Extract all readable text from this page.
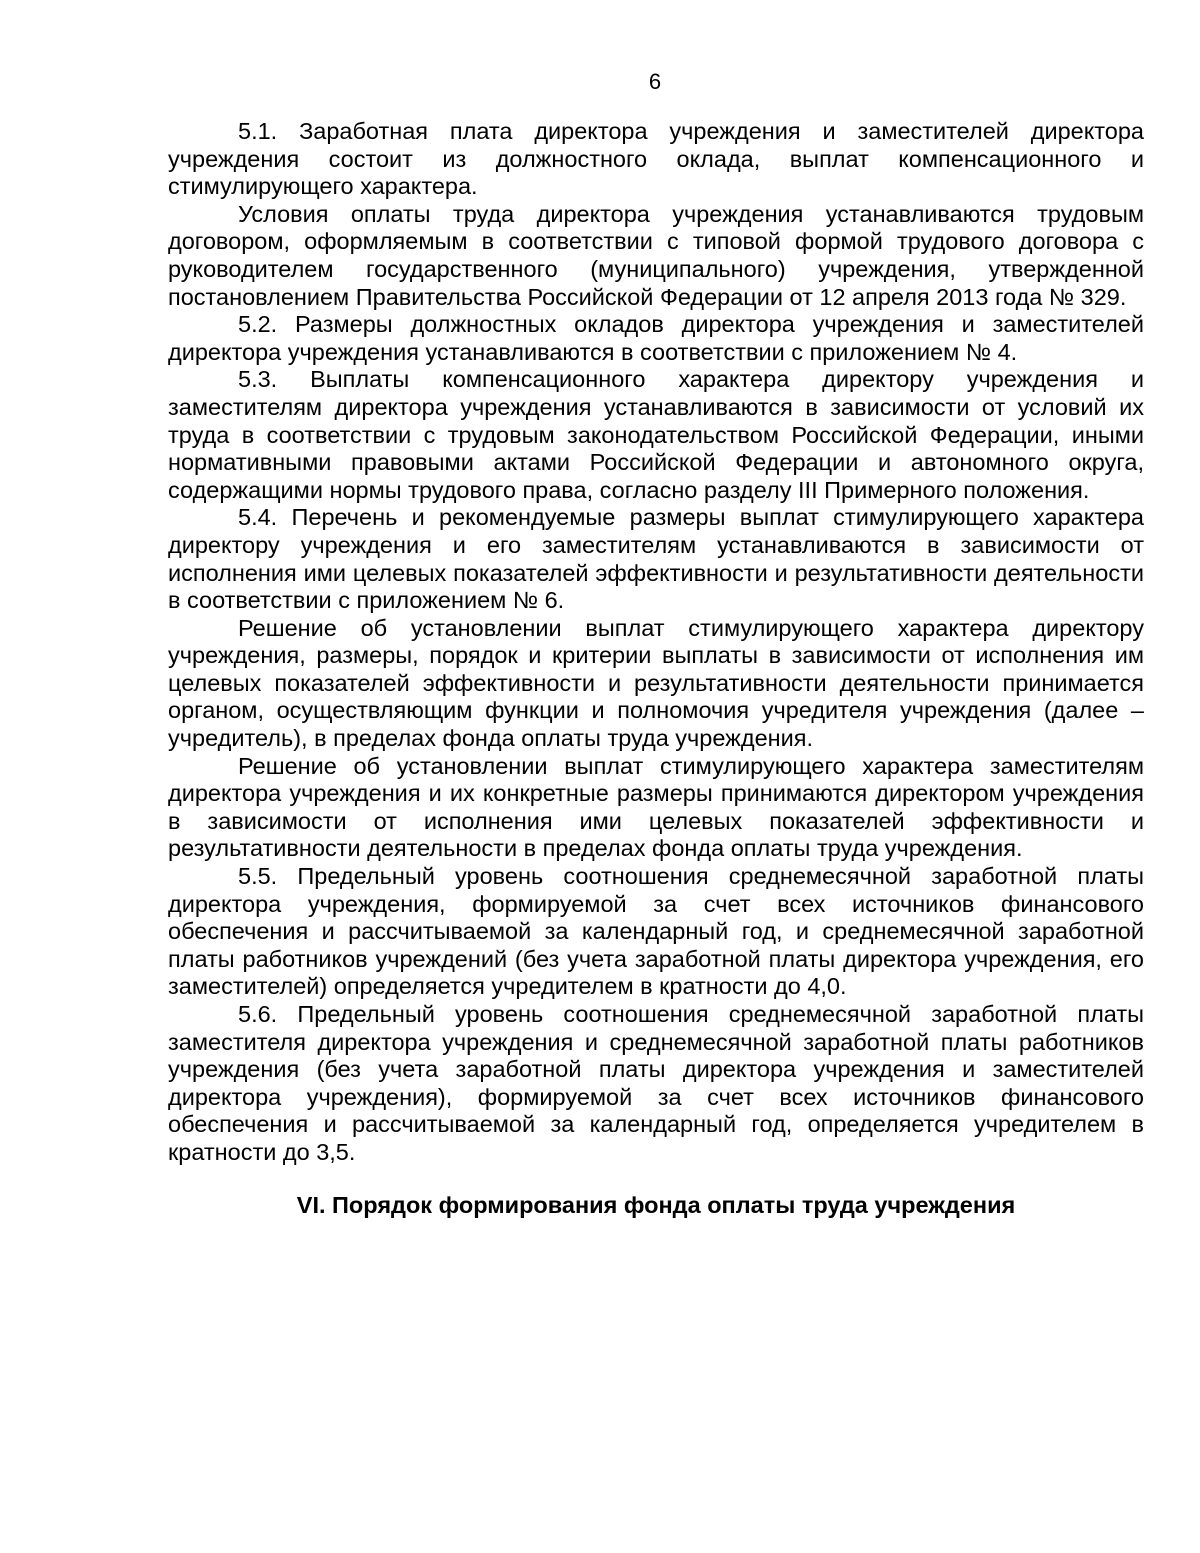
6

5.1. Заработная плата директора учреждения и заместителей директора учреждения состоит из должностного оклада, выплат компенсационного и стимулирующего характера.

Условия оплаты труда директора учреждения устанавливаются трудовым договором, оформляемым в соответствии с типовой формой трудового договора с руководителем государственного (муниципального) учреждения, утвержденной постановлением Правительства Российской Федерации от 12 апреля 2013 года № 329.

5.2. Размеры должностных окладов директора учреждения и заместителей директора учреждения устанавливаются в соответствии с приложением № 4.

5.3. Выплаты компенсационного характера директору учреждения и заместителям директора учреждения устанавливаются в зависимости от условий их труда в соответствии с трудовым законодательством Российской Федерации, иными нормативными правовыми актами Российской Федерации и автономного округа, содержащими нормы трудового права, согласно разделу III Примерного положения.

5.4. Перечень и рекомендуемые размеры выплат стимулирующего характера директору учреждения и его заместителям устанавливаются в зависимости от исполнения ими целевых показателей эффективности и результативности деятельности в соответствии с приложением № 6.

Решение об установлении выплат стимулирующего характера директору учреждения, размеры, порядок и критерии выплаты в зависимости от исполнения им целевых показателей эффективности и результативности деятельности принимается органом, осуществляющим функции и полномочия учредителя учреждения (далее – учредитель), в пределах фонда оплаты труда учреждения.

Решение об установлении выплат стимулирующего характера заместителям директора учреждения и их конкретные размеры принимаются директором учреждения в зависимости от исполнения ими целевых показателей эффективности и результативности деятельности в пределах фонда оплаты труда учреждения.

5.5. Предельный уровень соотношения среднемесячной заработной платы директора учреждения, формируемой за счет всех источников финансового обеспечения и рассчитываемой за календарный год, и среднемесячной заработной платы работников учреждений (без учета заработной платы директора учреждения, его заместителей) определяется учредителем в кратности до 4,0.

5.6. Предельный уровень соотношения среднемесячной заработной платы заместителя директора учреждения и среднемесячной заработной платы работников учреждения (без учета заработной платы директора учреждения и заместителей директора учреждения), формируемой за счет всех источников финансового обеспечения и рассчитываемой за календарный год, определяется учредителем в кратности до 3,5.

VI. Порядок формирования фонда оплаты труда учреждения
